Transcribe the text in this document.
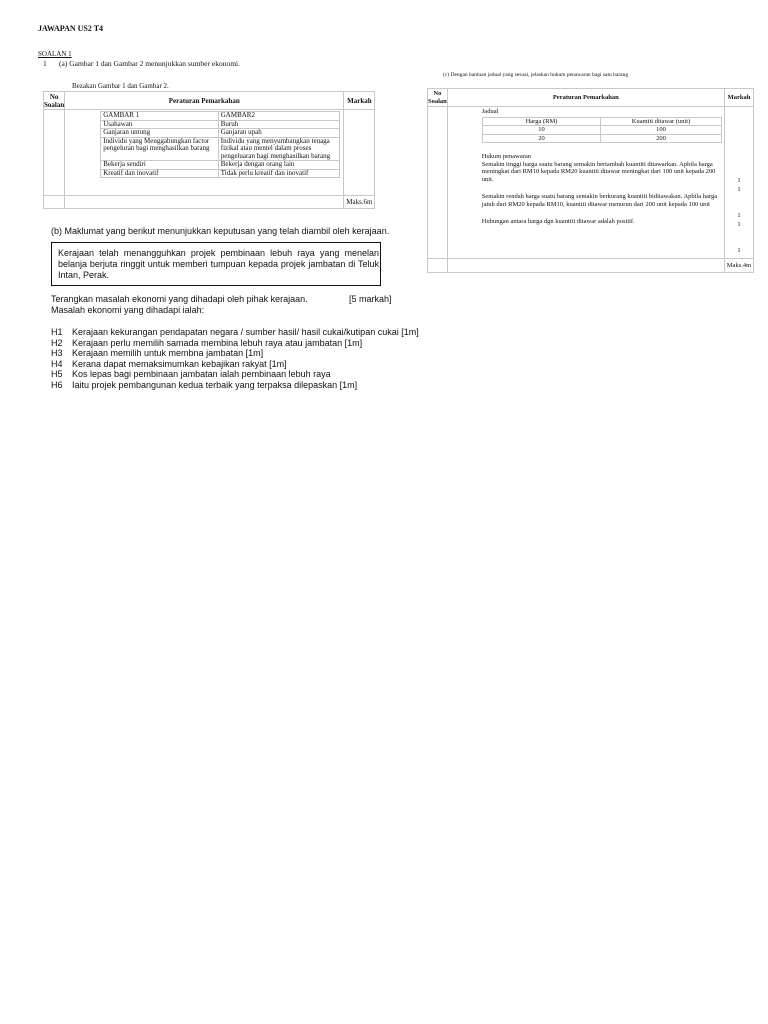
JAWAPAN US2 T4
SOALAN 1
1 (a) Gambar 1 dan Gambar 2 menunjukkan sumber ekonomi.
Bezakan Gambar 1 dan Gambar 2.
No Soalan	Peraturan Pemarkahan	Markah

GAMBAR 1	GAMBAR2
Usahawan	Buruh
Ganjaran untung	Ganjaran upah
Individu yang Menggabungkan factor pengeluran bagi menghasilkan barang	Individu yang menyumbangkan tenaga fizikal atau mentel dalam proses pengeluaran bagi menghasilkan barang
Bekerja sendiri	Bekerja dengan orang lain
Kreatif dan inovatif	Tidak perlu kreatif dan inovatif

		Maks.6m
(b) Maklumat yang berikut menunjukkan keputusan yang telah diambil oleh kerajaan.
Kerajaan telah menangguhkan projek pembinaan lebuh raya yang menelan belanja berjuta ringgit untuk memberi tumpuan kepada projek jambatan di Teluk Intan, Perak.
Terangkan masalah ekonomi yang dihadapi oleh pihak kerajaan.	[5 markah]
Masalah ekonomi yang dihadapi ialah:
H1 Kerajaan kekurangan pendapatan negara / sumber hasil/ hasil cukai/kutipan cukai [1m]
H2 Kerajaan perlu memilih samada membina lebuh raya atau jambatan [1m]
H3 Kerajaan memilih untuk membna jambatan [1m]
H4 Kerana dapat memaksimumkan kebajikan rakyat [1m]
H5 Kos lepas bagi pembinaan jambatan ialah pembinaan lebuh raya
H6 Iaitu projek pembangunan kedua terbaik yang terpaksa dilepaskan [1m]
(c) Dengan bantuan jadual yang sesuai, jelaskan hukum penawaran bagi satu barang
No Soalan	Peraturan Pemarkahan	Markah

Jadual
Harga (RM)	Kuantiti ditawar (unit)
10	100
20	200
Hukum penawaran
Semakin tinggi harga suatu barang semakin bertambah kuantiti ditawarkan. Apbila harga meningkat dari RM10 kepada RM20 kuantiti ditawar meningkat dari 100 unit kepada 200 unit.
Semakin rendah harga suatu barang semakin berkurang kuantiti biditawakan. Apbila harga jatuh dari RM20 kepada RM10, kuantiti ditawar menurun dari 200 unit kepada 100 unit
Hubungan antara harga dgn kuantiti ditawar adalah positif.

1
1
1
1
1

		Maks.4m
